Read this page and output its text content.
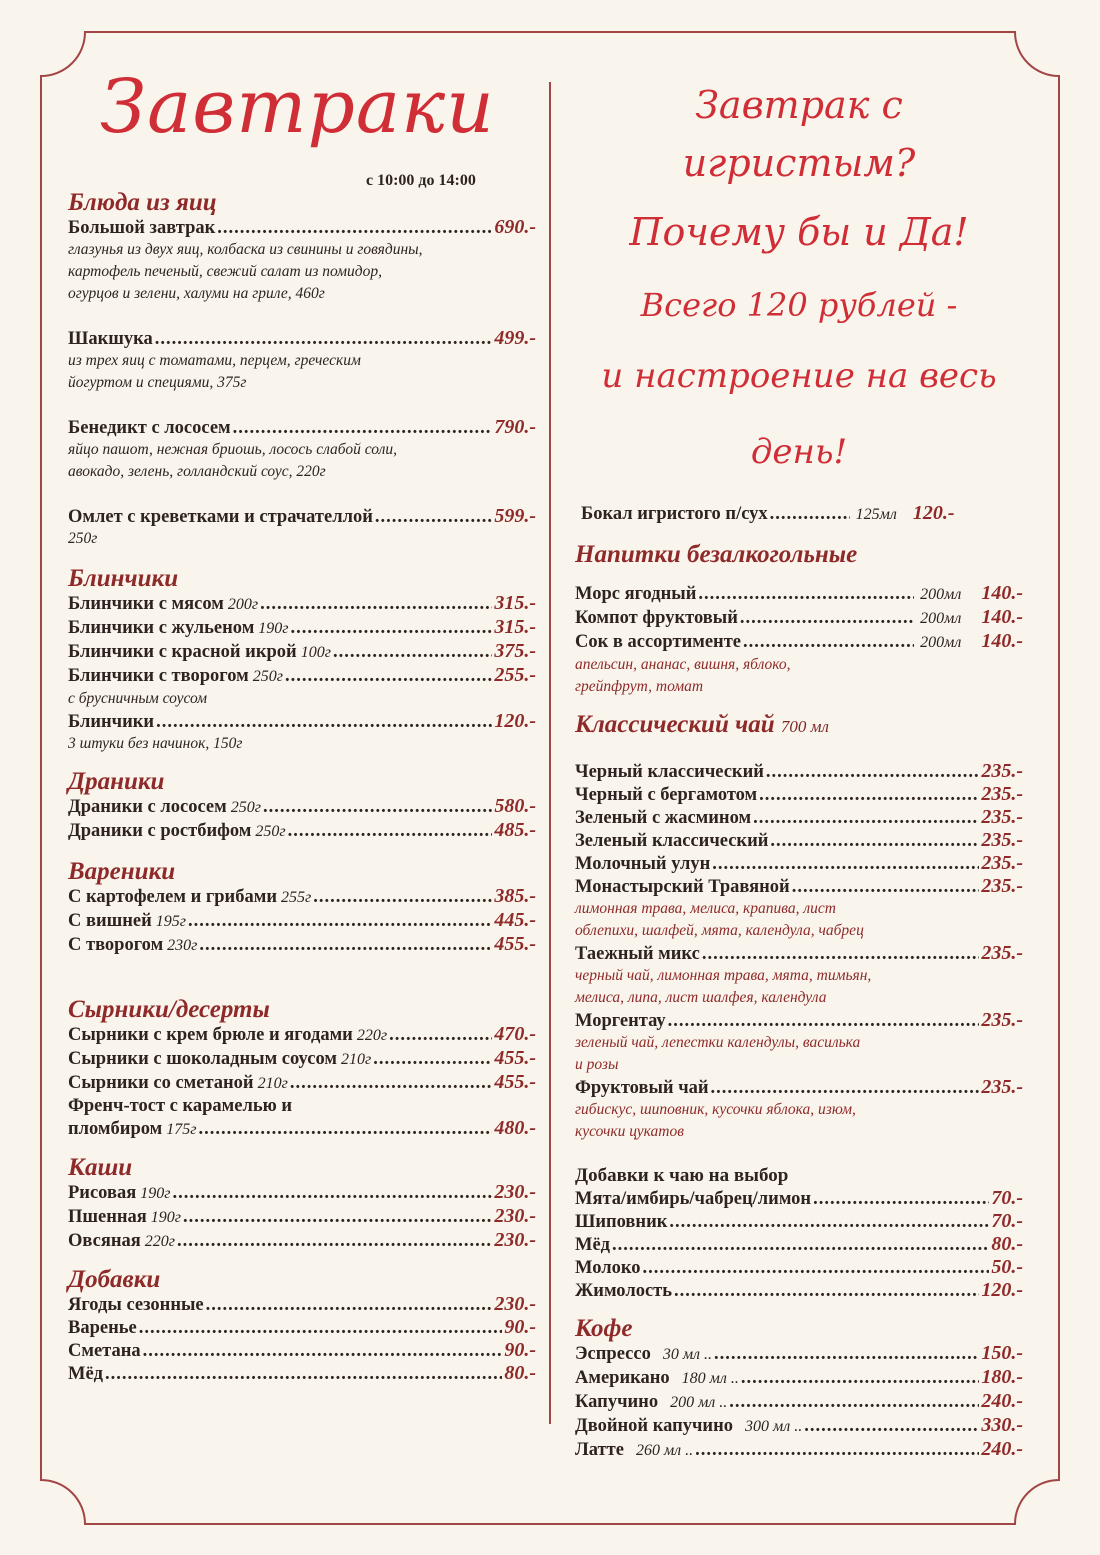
Завтраки
с 10:00 до 14:00
Блюда из яиц
Большой завтрак .....	690.-
глазунья из двух яиц, колбаска из свинины и говядины,
картофель печеный, свежий салат из помидор,
огурцов и зелени, халуми на гриле, 460г
Шакшука .....	499.-
из трех яиц с томатами, перцем, греческим
йогуртом и специями, 375г
Бенедикт с лососем .....	790.-
яйцо пашот, нежная бриошь, лосось слабой соли,
авокадо, зелень, голландский соус, 220г
Омлет с креветками и страчателлой .....	599.-
250г
Блинчики
Блинчики с мясом 200г .....	315.-
Блинчики с жульеном 190г .....	315.-
Блинчики с красной икрой 100г .....	375.-
Блинчики с творогом 250г .....	255.-
с брусничным соусом
Блинчики .....	120.-
3 штуки без начинок, 150г
Драники
Драники с лососем 250г .....	580.-
Драники с ростбифом 250г .....	485.-
Вареники
С картофелем и грибами 255г .....	385.-
С вишней 195г .....	445.-
С творогом 230г .....	455.-
Сырники/десерты
Сырники с крем брюле и ягодами 220г .....	470.-
Сырники с шоколадным соусом 210г .....	455.-
Сырники со сметаной 210г .....	455.-
Френч-тост с карамелью и
пломбиром 175г .....	480.-
Каши
Рисовая 190г .....	230.-
Пшенная 190г .....	230.-
Овсяная 220г .....	230.-
Добавки
Ягоды сезонные .....	230.-
Варенье .....	90.-
Сметана .....	90.-
Мёд .....	80.-
Завтрак с игристым?
Почему бы и Да!
Всего 120 рублей -
и настроение на весь день!
Бокал игристого п/сух .....	125мл 120.-
Напитки безалкогольные
Морс ягодный .....	200мл 140.-
Компот фруктовый .....	200мл 140.-
Сок в ассортименте .....	200мл 140.-
апельсин, ананас, вишня, яблоко,
грейпфрут, томат
Классический чай 700 мл
Черный классический .....	235.-
Черный с бергамотом .....	235.-
Зеленый с жасмином .....	235.-
Зеленый классический .....	235.-
Молочный улун .....	235.-
Монастырский Травяной .....	235.-
лимонная трава, мелиса, крапива, лист
облепихи, шалфей, мята, календула, чабрец
Таежный микс .....	235.-
черный чай, лимонная трава, мята, тимьян,
мелиса, липа, лист шалфея, календула
Моргентау .....	235.-
зеленый чай, лепестки календулы, василька
и розы
Фруктовый чай .....	235.-
гибискус, шиповник, кусочки яблока, изюм,
кусочки цукатов
Добавки к чаю на выбор
Мята/имбирь/чабрец/лимон .....	70.-
Шиповник .....	70.-
Мёд .....	80.-
Молоко .....	50.-
Жимолость .....	120.-
Кофе
Эспрессо 30 мл .. .....	150.-
Американо 180 мл .. .....	180.-
Капучино 200 мл .. .....	240.-
Двойной капучино 300 мл .. .....	330.-
Латте 260 мл .. .....	240.-
